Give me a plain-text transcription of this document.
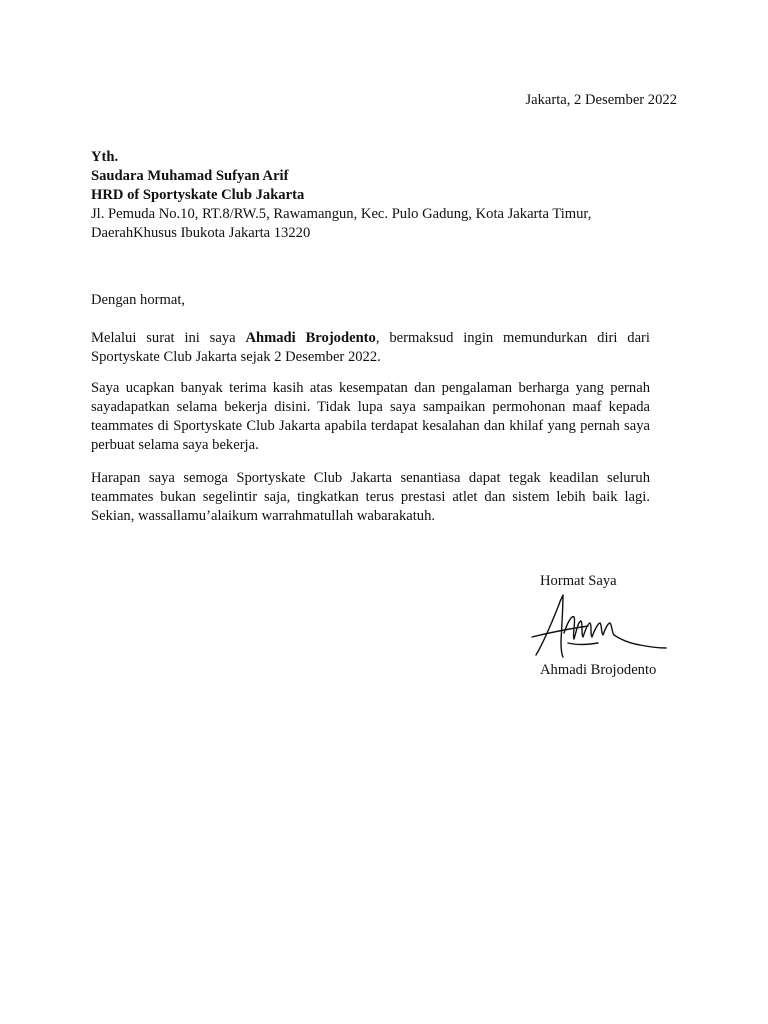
Jakarta, 2 Desember 2022
Yth.
Saudara Muhamad Sufyan Arif
HRD of Sportyskate Club Jakarta
Jl. Pemuda No.10, RT.8/RW.5, Rawamangun, Kec. Pulo Gadung, Kota Jakarta Timur,
DaerahKhusus Ibukota Jakarta 13220
Dengan hormat,
Melalui surat ini saya Ahmadi Brojodento, bermaksud ingin memundurkan diri dari Sportyskate Club Jakarta sejak 2 Desember 2022.
Saya ucapkan banyak terima kasih atas kesempatan dan pengalaman berharga yang pernah sayadapatkan selama bekerja disini. Tidak lupa saya sampaikan permohonan maaf kepada teammates di Sportyskate Club Jakarta apabila terdapat kesalahan dan khilaf yang pernah saya perbuat selama saya bekerja.
Harapan saya semoga Sportyskate Club Jakarta senantiasa dapat tegak keadilan seluruh teammates bukan segelintir saja, tingkatkan terus prestasi atlet dan sistem lebih baik lagi. Sekian, wassallamu’alaikum warrahmatullah wabarakatuh.
Hormat Saya
Ahmadi Brojodento
